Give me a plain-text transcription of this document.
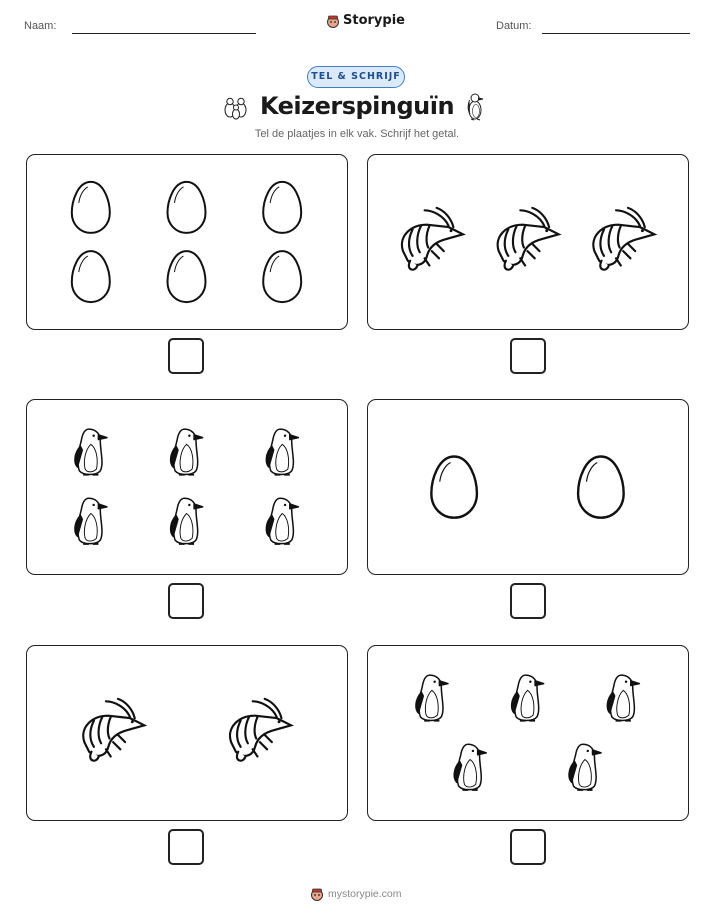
Naam:	Storypie	Datum:
TEL & SCHRIJF
Keizerspinguïn
Tel de plaatjes in elk vak. Schrijf het getal.
mystorypie.com
